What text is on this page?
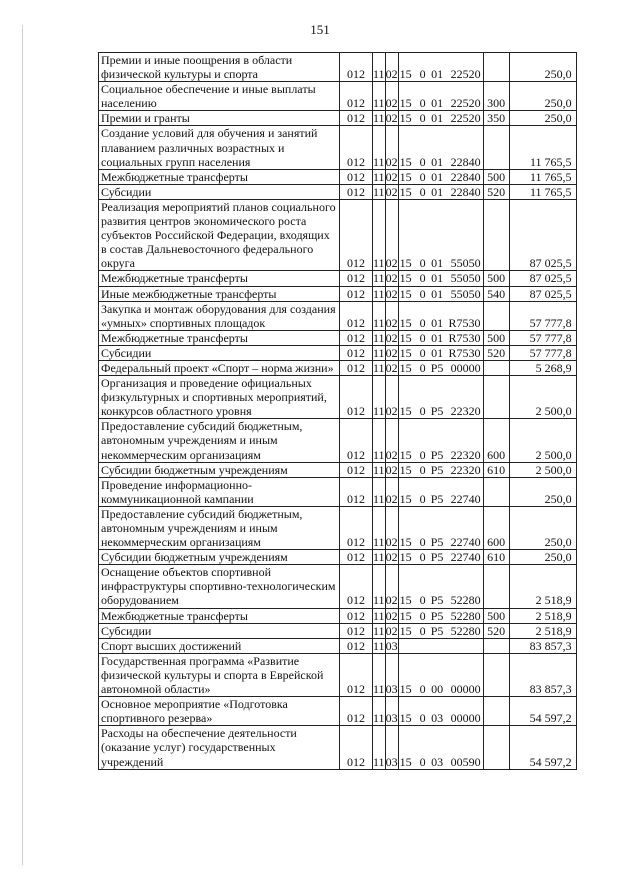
151
Премии и иные поощрения в области физической культуры и спорта	012	11	02	15 0 01 22520		250,0
Социальное обеспечение и иные выплаты населению	012	11	02	15 0 01 22520	300	250,0
Премии и гранты	012	11	02	15 0 01 22520	350	250,0
Создание условий для обучения и занятий плаванием различных возрастных и социальных групп населения	012	11	02	15 0 01 22840		11 765,5
Межбюджетные трансферты	012	11	02	15 0 01 22840	500	11 765,5
Субсидии	012	11	02	15 0 01 22840	520	11 765,5
Реализация мероприятий планов социального развития центров экономического роста субъектов Российской Федерации, входящих в состав Дальневосточного федерального округа	012	11	02	15 0 01 55050		87 025,5
Межбюджетные трансферты	012	11	02	15 0 01 55050	500	87 025,5
Иные межбюджетные трансферты	012	11	02	15 0 01 55050	540	87 025,5
Закупка и монтаж оборудования для создания «умных» спортивных площадок	012	11	02	15 0 01 R7530		57 777,8
Межбюджетные трансферты	012	11	02	15 0 01 R7530	500	57 777,8
Субсидии	012	11	02	15 0 01 R7530	520	57 777,8
Федеральный проект «Спорт – норма жизни»	012	11	02	15 0 P5 00000		5 268,9
Организация и проведение официальных физкультурных и спортивных мероприятий, конкурсов областного уровня	012	11	02	15 0 P5 22320		2 500,0
Предоставление субсидий бюджетным, автономным учреждениям и иным некоммерческим организациям	012	11	02	15 0 P5 22320	600	2 500,0
Субсидии бюджетным учреждениям	012	11	02	15 0 P5 22320	610	2 500,0
Проведение информационно-коммуникационной кампании	012	11	02	15 0 P5 22740		250,0
Предоставление субсидий бюджетным, автономным учреждениям и иным некоммерческим организациям	012	11	02	15 0 P5 22740	600	250,0
Субсидии бюджетным учреждениям	012	11	02	15 0 P5 22740	610	250,0
Оснащение объектов спортивной инфраструктуры спортивно-технологическим оборудованием	012	11	02	15 0 P5 52280		2 518,9
Межбюджетные трансферты	012	11	02	15 0 P5 52280	500	2 518,9
Субсидии	012	11	02	15 0 P5 52280	520	2 518,9
Спорт высших достижений	012	11	03			83 857,3
Государственная программа «Развитие физической культуры и спорта в Еврейской автономной области»	012	11	03	15 0 00 00000		83 857,3
Основное мероприятие «Подготовка спортивного резерва»	012	11	03	15 0 03 00000		54 597,2
Расходы на обеспечение деятельности (оказание услуг) государственных учреждений	012	11	03	15 0 03 00590		54 597,2
